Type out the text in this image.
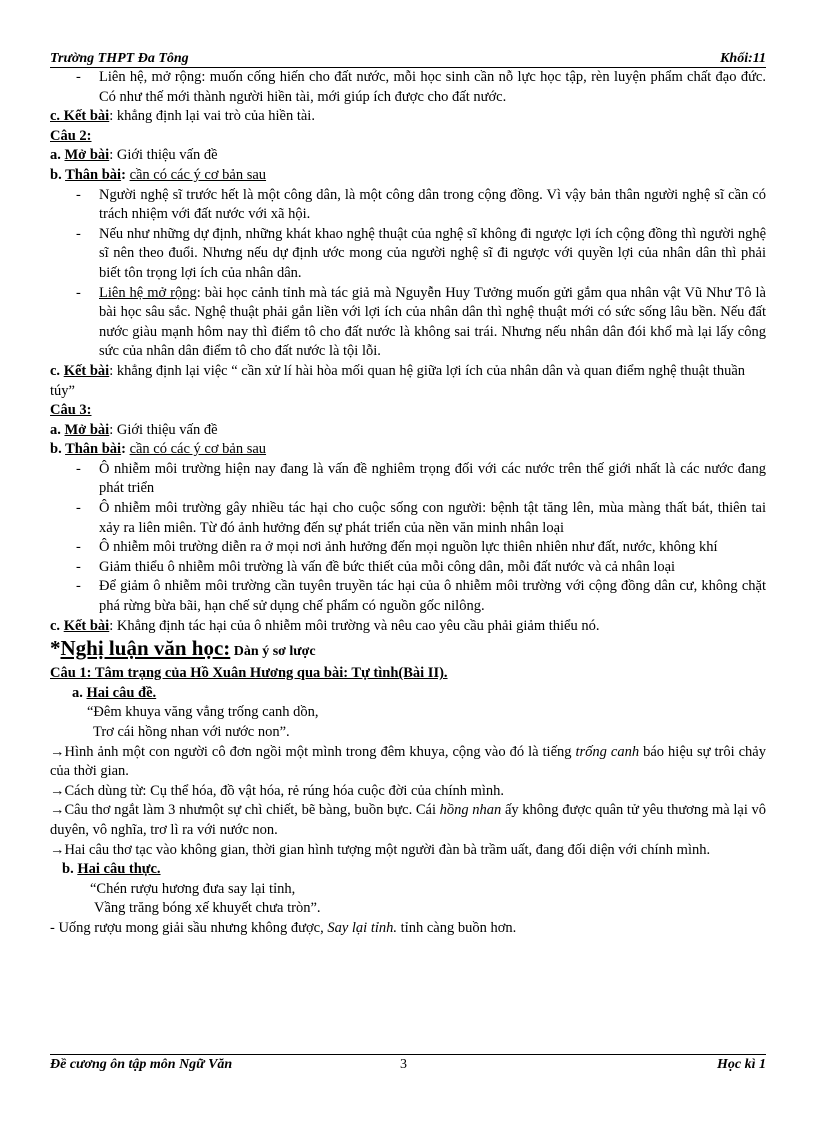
Trường THPT Đa Tông	Khối:11

- Liên hệ, mở rộng: muốn cống hiến cho đất nước, mỗi học sinh cần nỗ lực học tập, rèn luyện phẩm chất đạo đức. Có như thế mới thành người hiền tài, mới giúp ích được cho đất nước.

c. Kết bài: khẳng định lại vai trò của hiền tài.

Câu 2:

a. Mở bài: Giới thiệu vấn đề

b. Thân bài: cần có các ý cơ bản sau

- Người nghệ sĩ trước hết là một công dân, là một công dân trong cộng đồng. Vì vậy bản thân người nghệ sĩ cần có trách nhiệm với đất nước với xã hội.

- Nếu như những dự định, những khát khao nghệ thuật của nghệ sĩ không đi ngược lợi ích cộng đồng thì người nghệ sĩ nên theo đuổi. Nhưng nếu dự định ước mong của người nghệ sĩ đi ngược với quyền lợi của nhân dân thì phải biết tôn trọng lợi ích của nhân dân.

- Liên hệ mở rộng: bài học cảnh tỉnh mà tác giả mà Nguyễn Huy Tưởng muốn gửi gắm qua nhân vật Vũ Như Tô là bài học sâu sắc. Nghệ thuật phải gắn liền với lợi ích của nhân dân thì nghệ thuật mới có sức sống lâu bền. Nếu đất nước giàu mạnh hôm nay thì điểm tô cho đất nước là không sai trái. Nhưng nếu nhân dân đói khổ mà lại lấy công sức của nhân dân điểm tô cho đất nước là tội lỗi.

c. Kết bài: khẳng định lại việc “ cần xử lí hài hòa mối quan hệ giữa lợi ích của nhân dân và quan điểm nghệ thuật thuần túy”

Câu 3:

a. Mở bài: Giới thiệu vấn đề

b. Thân bài: cần có các ý cơ bản sau

- Ô nhiễm môi trường hiện nay đang là vấn đề nghiêm trọng đối với các nước trên thế giới nhất là các nước đang phát triển

- Ô nhiễm môi trường gây nhiều tác hại cho cuộc sống con người: bệnh tật tăng lên, mùa màng thất bát, thiên tai xảy ra liên miên. Từ đó ảnh hưởng đến sự phát triển của nền văn minh nhân loại

- Ô nhiễm môi trường diễn ra ở mọi nơi ảnh hưởng đến mọi nguồn lực thiên nhiên như đất, nước, không khí

- Giảm thiểu ô nhiễm môi trường là vấn đề bức thiết của mỗi công dân, mỗi đất nước và cả nhân loại

- Để giảm ô nhiễm môi trường cần tuyên truyền tác hại của ô nhiễm môi trường với cộng đồng dân cư, không chặt phá rừng bừa bãi, hạn chế sử dụng chế phẩm có nguồn gốc nilông.

c. Kết bài: Khẳng định tác hại của ô nhiễm môi trường và nêu cao yêu cầu phải giảm thiểu nó.

*Nghị luận văn học: Dàn ý sơ lược

Câu 1: Tâm trạng của Hồ Xuân Hương qua bài: Tự tình(Bài II).

a. Hai câu đề.

“Đêm khuya văng vẳng trống canh dồn,

Trơ cái hồng nhan với nước non”.

→ Hình ảnh một con người cô đơn ngồi một mình trong đêm khuya, cộng vào đó là tiếng trống canh báo hiệu sự trôi chảy của thời gian.

→ Cách dùng từ: Cụ thể hóa, đồ vật hóa, rẻ rúng hóa cuộc đời của chính mình.

→ Câu thơ ngắt làm 3 nhưmột sự chì chiết, bẽ bàng, buồn bực. Cái hồng nhan ấy không được quân tử yêu thương mà lại vô duyên, vô nghĩa, trơ lì ra với nước non.

→ Hai câu thơ tạc vào không gian, thời gian hình tượng một người đàn bà trầm uất, đang đối diện với chính mình.

b. Hai câu thực.

“Chén rượu hương đưa say lại tỉnh,

Vầng trăng bóng xế khuyết chưa tròn”.

- Uống rượu mong giải sầu nhưng không được, Say lại tỉnh. tỉnh càng buồn hơn.

Đề cương ôn tập môn Ngữ Văn	3	Học kì 1
